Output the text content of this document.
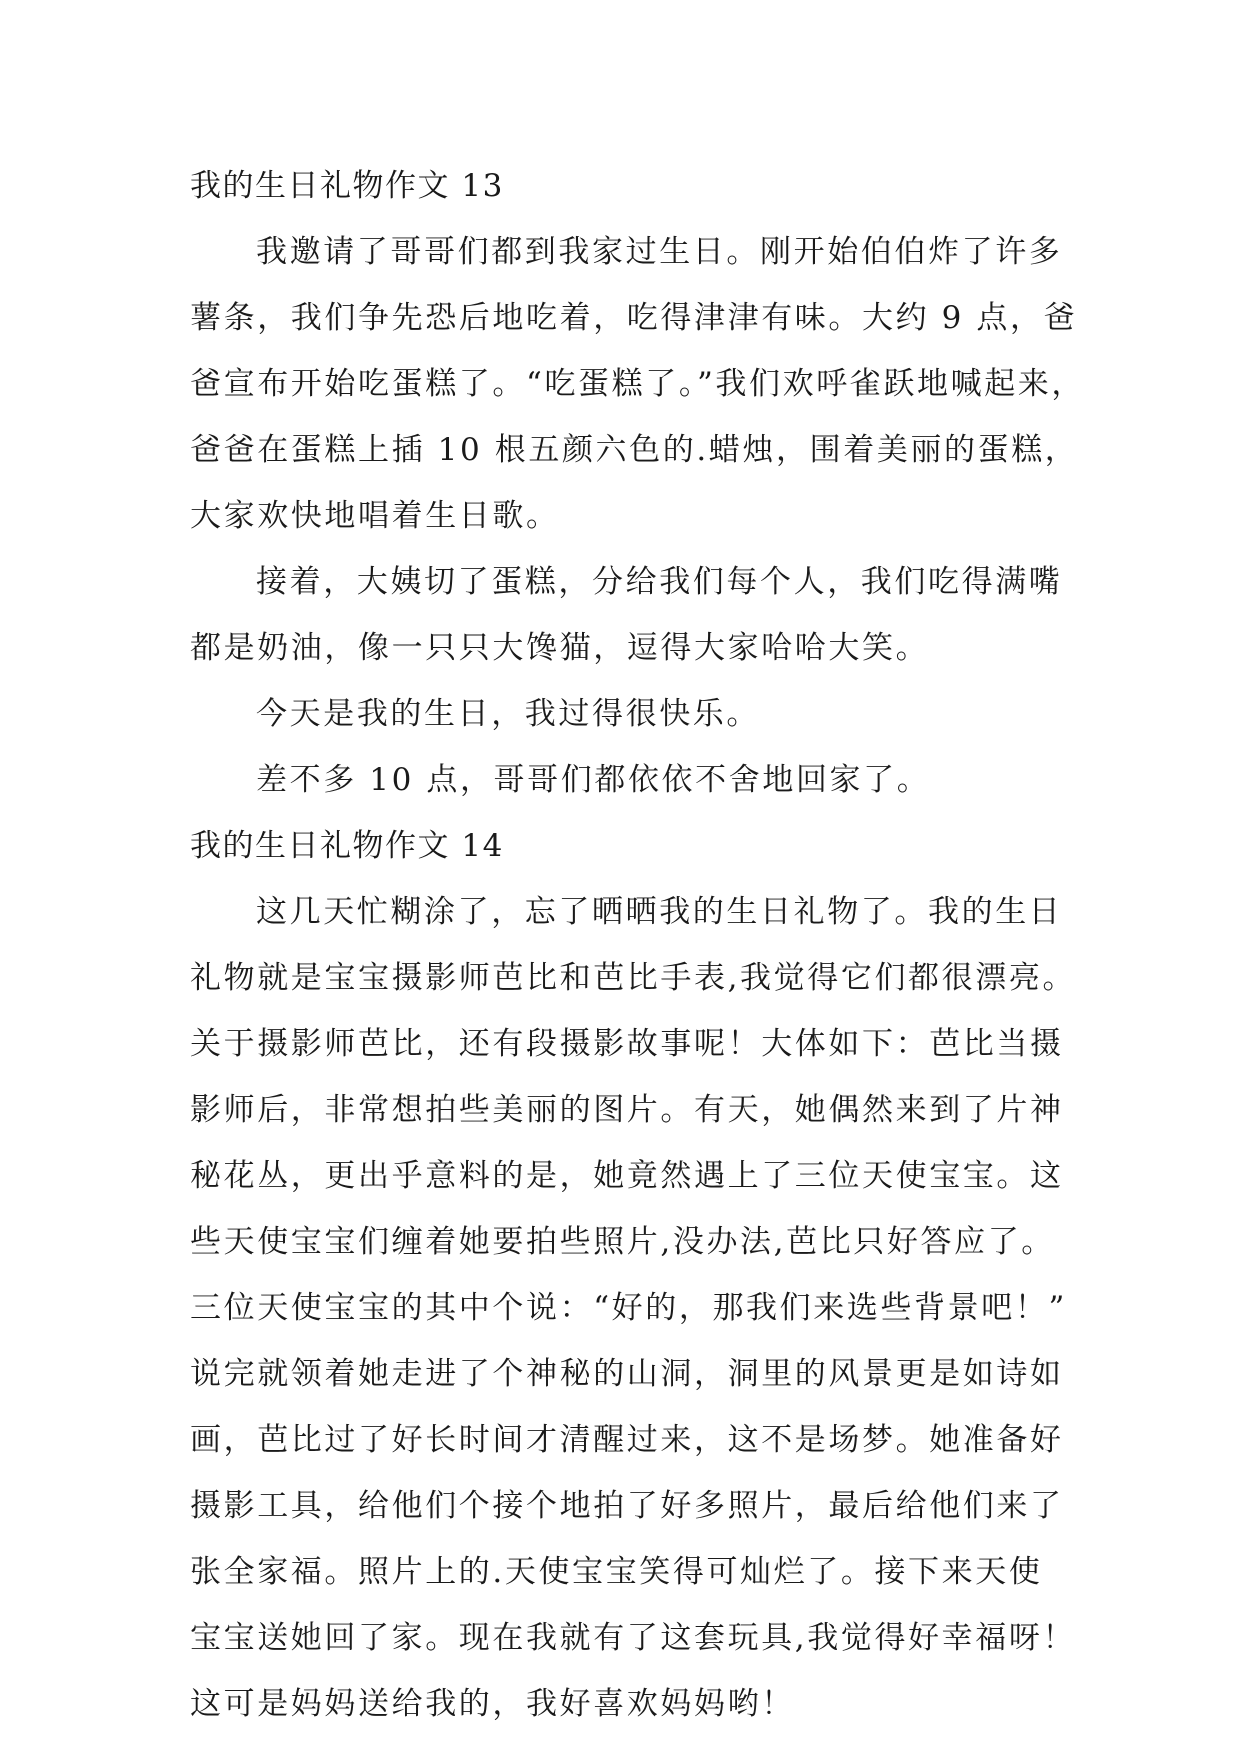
我的生日礼物作文 13
我邀请了哥哥们都到我家过生日。刚开始伯伯炸了许多
薯条，我们争先恐后地吃着，吃得津津有味。大约 9 点，爸
爸宣布开始吃蛋糕了。“吃蛋糕了。”我们欢呼雀跃地喊起来，
爸爸在蛋糕上插 10 根五颜六色的.蜡烛，围着美丽的蛋糕，
大家欢快地唱着生日歌。
接着，大姨切了蛋糕，分给我们每个人，我们吃得满嘴
都是奶油，像一只只大馋猫，逗得大家哈哈大笑。
今天是我的生日，我过得很快乐。
差不多 10 点，哥哥们都依依不舍地回家了。
我的生日礼物作文 14
这几天忙糊涂了，忘了晒晒我的生日礼物了。我的生日
礼物就是宝宝摄影师芭比和芭比手表,我觉得它们都很漂亮。
关于摄影师芭比，还有段摄影故事呢！大体如下：芭比当摄
影师后，非常想拍些美丽的图片。有天，她偶然来到了片神
秘花丛，更出乎意料的是，她竟然遇上了三位天使宝宝。这
些天使宝宝们缠着她要拍些照片,没办法,芭比只好答应了。
三位天使宝宝的其中个说：“好的，那我们来选些背景吧！”
说完就领着她走进了个神秘的山洞，洞里的风景更是如诗如
画，芭比过了好长时间才清醒过来，这不是场梦。她准备好
摄影工具，给他们个接个地拍了好多照片，最后给他们来了
张全家福。照片上的.天使宝宝笑得可灿烂了。接下来天使
宝宝送她回了家。现在我就有了这套玩具,我觉得好幸福呀！
这可是妈妈送给我的，我好喜欢妈妈哟！
